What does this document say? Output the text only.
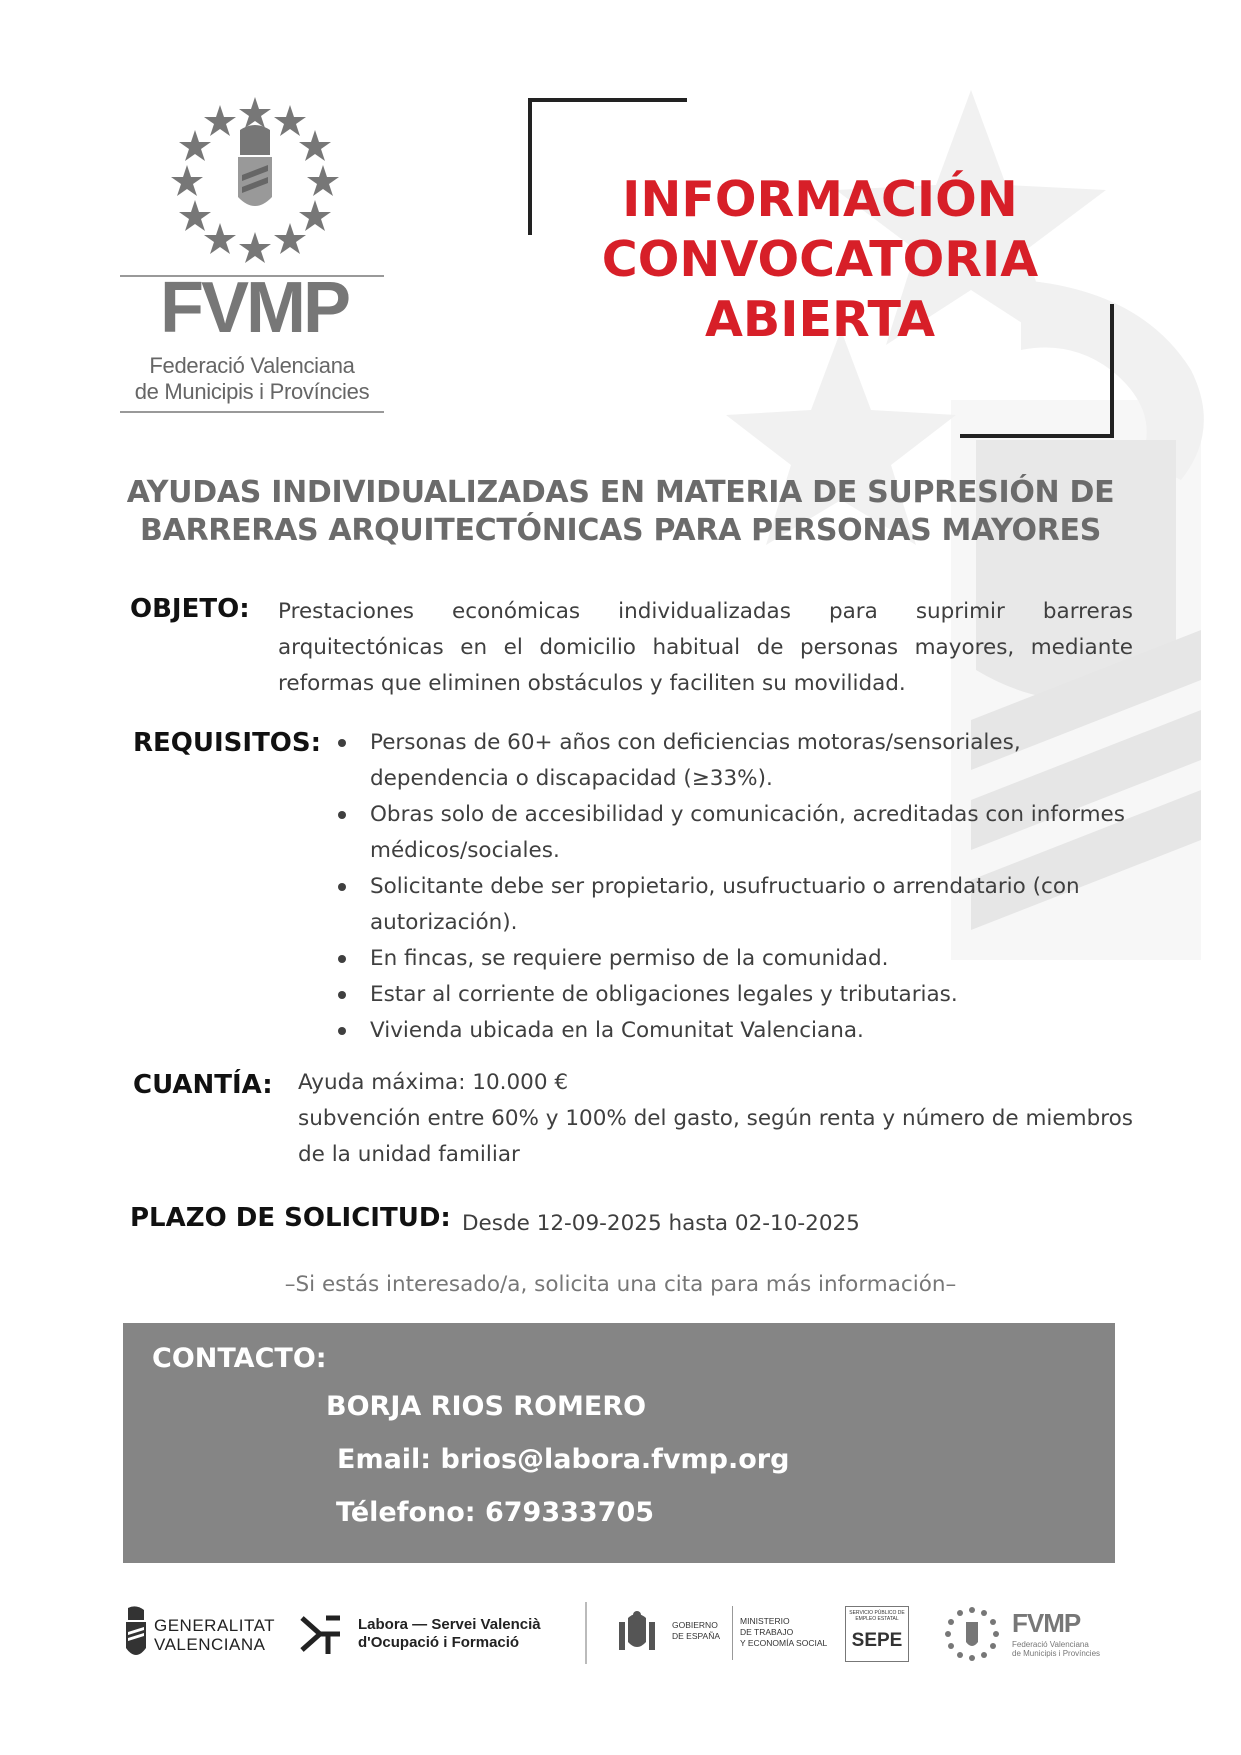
FVMP
Federació Valenciana
de Municipis i Províncies
INFORMACIÓN
CONVOCATORIA
ABIERTA
AYUDAS INDIVIDUALIZADAS EN MATERIA DE SUPRESIÓN DE
BARRERAS ARQUITECTÓNICAS PARA PERSONAS MAYORES
OBJETO: Prestaciones económicas individualizadas para suprimir barreras arquitectónicas en el domicilio habitual de personas mayores, mediante reformas que eliminen obstáculos y faciliten su movilidad.
REQUISITOS:	Personas de 60+ años con deficiencias motoras/sensoriales, dependencia o discapacidad (≥33%).
Obras solo de accesibilidad y comunicación, acreditadas con informes médicos/sociales.
Solicitante debe ser propietario, usufructuario o arrendatario (con autorización).
En fincas, se requiere permiso de la comunidad.
Estar al corriente de obligaciones legales y tributarias.
Vivienda ubicada en la Comunitat Valenciana.
CUANTÍA: Ayuda máxima: 10.000 €
subvención entre 60% y 100% del gasto, según renta y número de miembros de la unidad familiar
PLAZO DE SOLICITUD: Desde 12-09-2025 hasta 02-10-2025
–Si estás interesado/a, solicita una cita para más información–
CONTACTO:
BORJA RIOS ROMERO
Email: brios@labora.fvmp.org
Télefono: 679333705
GENERALITAT
VALENCIANA
Labora — Servei Valencià
d'Ocupació i Formació
GOBIERNO
DE ESPAÑA
MINISTERIO
DE TRABAJO
Y ECONOMÍA SOCIAL
SERVICIO PÚBLICO DE EMPLEO ESTATAL
SEPE
FVMP
Federació Valenciana
de Municipis i Províncies
